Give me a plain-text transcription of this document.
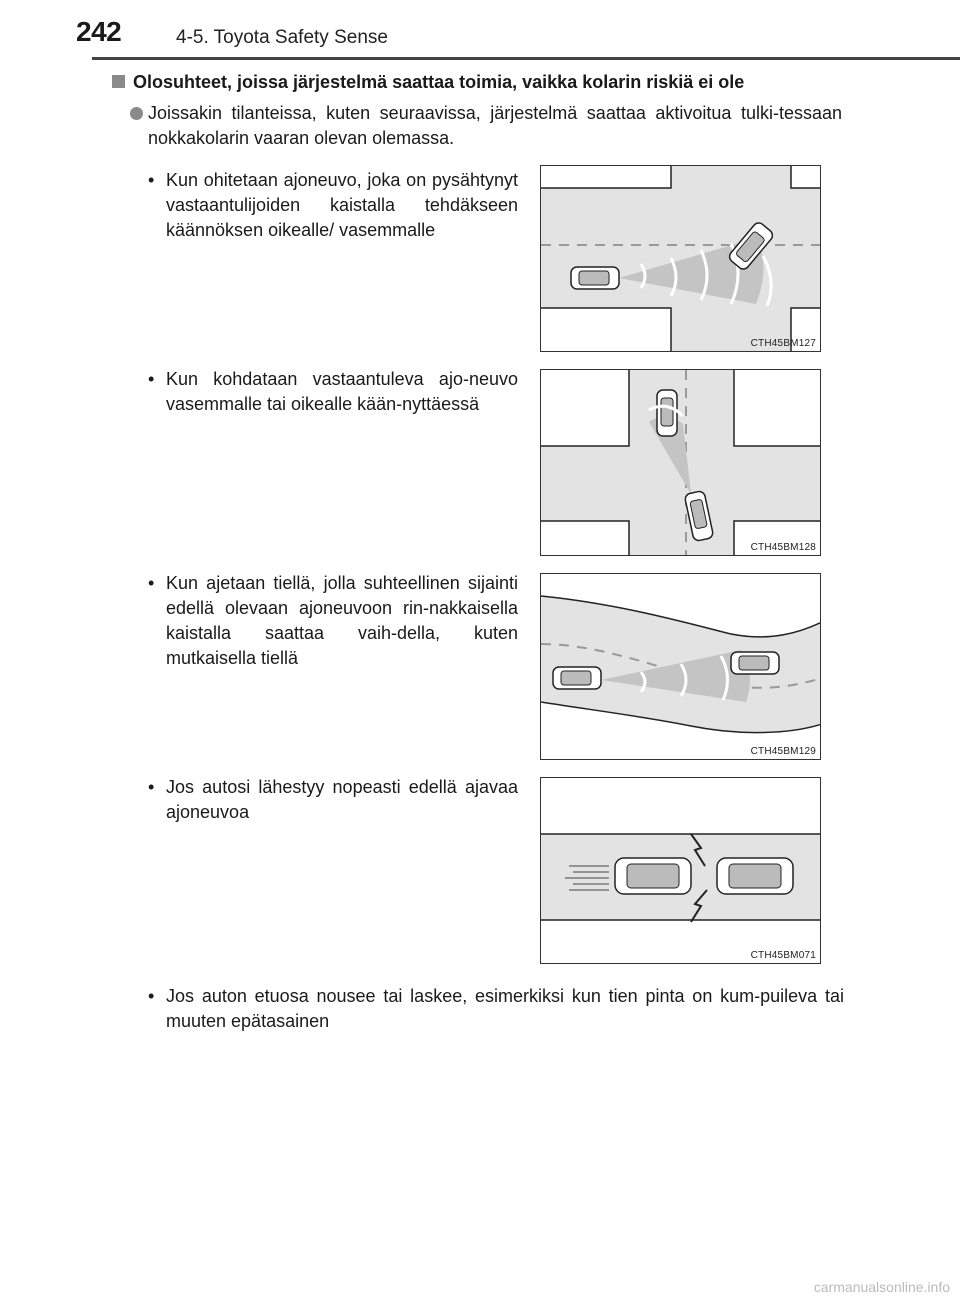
242	4-5. Toyota Safety Sense
Olosuhteet, joissa järjestelmä saattaa toimia, vaikka kolarin riskiä ei ole
Joissakin tilanteissa, kuten seuraavissa, järjestelmä saattaa aktivoitua tulki-tessaan nokkakolarin vaaran olevan olemassa.
• Kun ohitetaan ajoneuvo, joka on pysähtynyt vastaantulijoiden kaistalla tehdäkseen käännöksen oikealle/ vasemmalle
CTH45BM127
• Kun kohdataan vastaantuleva ajo-neuvo vasemmalle tai oikealle kään-nyttäessä
CTH45BM128
• Kun ajetaan tiellä, jolla suhteellinen sijainti edellä olevaan ajoneuvoon rin-nakkaisella kaistalla saattaa vaih-della, kuten mutkaisella tiellä
CTH45BM129
• Jos autosi lähestyy nopeasti edellä ajavaa ajoneuvoa
CTH45BM071
• Jos auton etuosa nousee tai laskee, esimerkiksi kun tien pinta on kum-puileva tai muuten epätasainen
carmanualsonline.info
